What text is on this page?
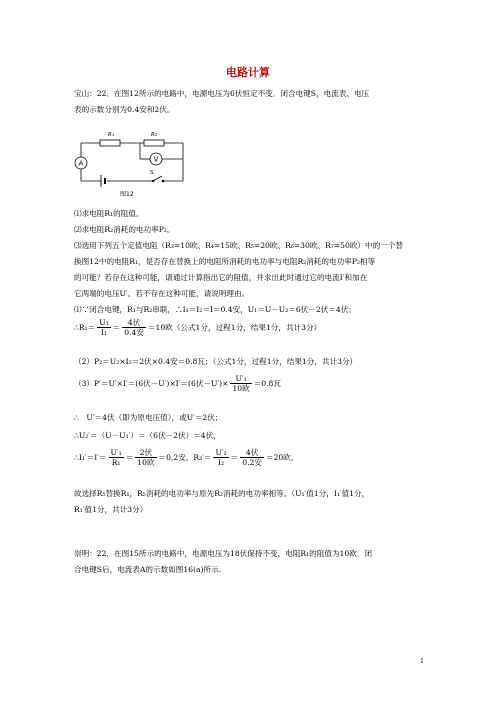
电路计算
宝山：22．在图12所示的电路中，电源电压为6伏恒定不变．闭合电键S，电流表、电压
表的示数分别为0.4安和2伏。
R₁	R₂
A	V
S
图12
⑴求电阻R₁的阻值。
⑵求电阻R₂消耗的电功率P₂。
⑶选用下列五个定值电阻（R₃=10欧、R₄=15欧、R₅=20欧、R₆=30欧、R₇=50欧）中的一个替
换图12中的电阻R₁，是否存在替换上的电阻所消耗的电功率与电阻R₂消耗的电功率P₂相等
的可能？若存在这种可能，请通过计算指出它的阻值，并求出此时通过它的电流I′和加在
它两端的电压U′。若不存在这种可能，请说明理由。
⑴∵闭合电键，R₁与R₂串联，∴I₁＝I₂＝I＝0.4安，U₁＝U－U₂＝6伏－2伏＝4伏；
∴R₁＝ $\frac{\text{U₁}}{\text{I₁}} = \frac{\text{4伏}}{\text{0.4安}} =10$欧（公式1分，过程1分，结果1分，共计3分）
（2）P₂＝U₂×I₂＝2伏×0.4安＝0.8瓦；（公式1分，过程1分，结果1分，共计3分）
（3）P′＝U′×I′＝(6伏－U′)×I′＝(6伏$-U')\times \frac{\text{U′₁}}{\text{10欧}} =0.8$瓦
∴　U′＝4伏（即为原电压值），或U′＝2伏；
∴U₂′＝（U－U₁′）＝（6伏－2伏）＝4伏，
∴I₁′＝I′＝ $\frac{\text{U′₁}}{\text{R₁}} = \frac{\text{2伏}}{\text{10欧}} =0.2$安，$R_3'= \frac{\text{U′₂}}{\text{I₂}} = \frac{\text{4伏}}{\text{0.2安}} =20$欧。
故选择R₅替换R₁，R₅消耗的电功率与原先R₂消耗的电功率相等。（U₁′值1分，I₁′值1分，
R₁′值1分，共计3分）
崇明：22．在图15所示的电路中，电源电压为18伏保持不变，电阻R₁的阻值为10欧．闭
合电键S后，电流表A的示数如图16(a)所示.
1
